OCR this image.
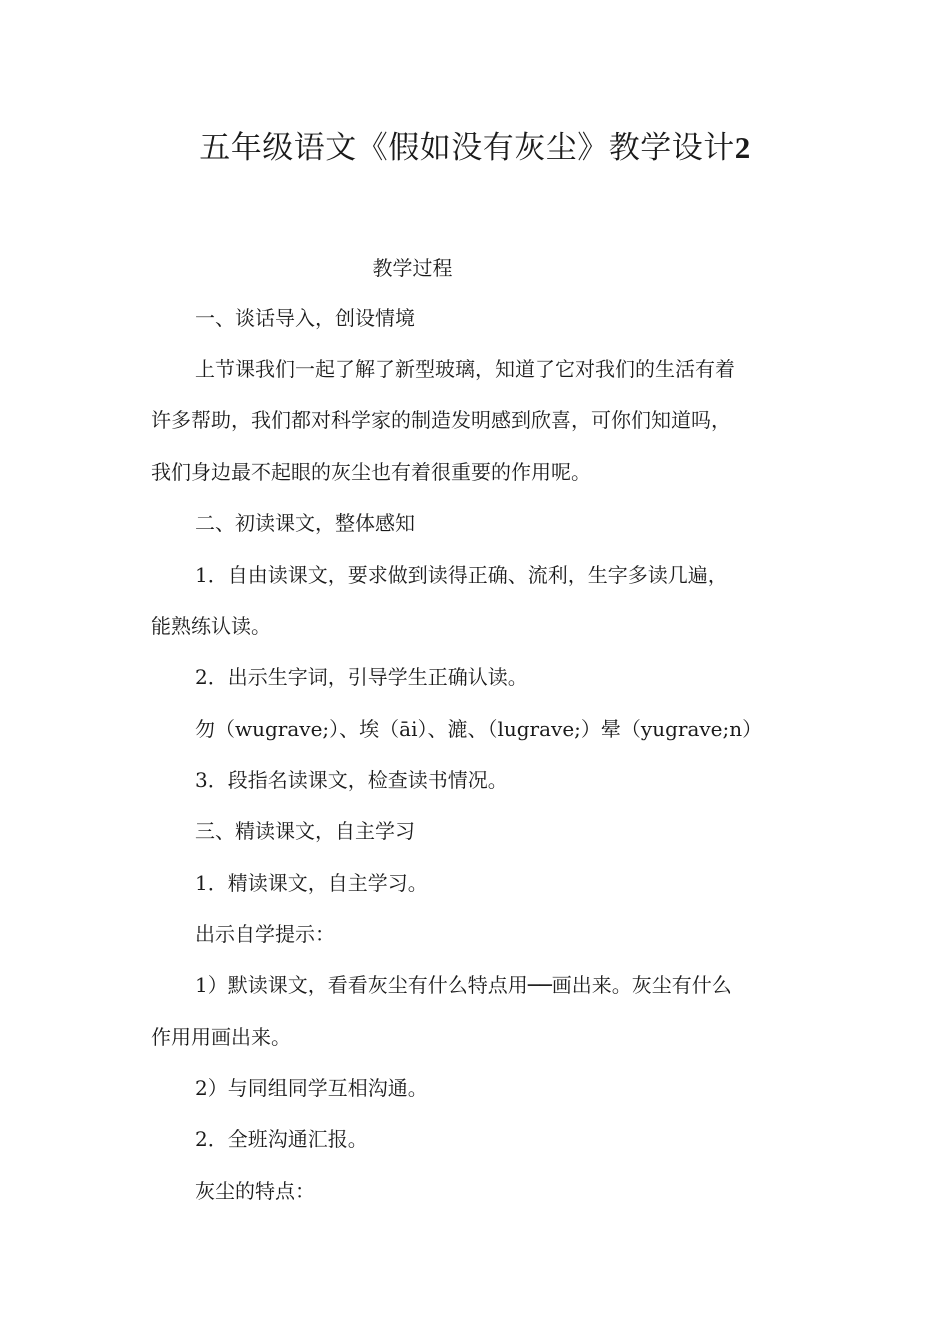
五年级语文《假如没有灰尘》教学设计2
教学过程
一、谈话导入，创设情境
上节课我们一起了解了新型玻璃，知道了它对我们的生活有着
许多帮助，我们都对科学家的制造发明感到欣喜，可你们知道吗，
我们身边最不起眼的灰尘也有着很重要的作用呢。
二、初读课文，整体感知
1．自由读课文，要求做到读得正确、流利，生字多读几遍，
能熟练认读。
2．出示生字词，引导学生正确认读。
勿（wugrave;）、埃（āi）、漉、（lugrave;）晕（yugrave;n）
3．段指名读课文，检查读书情况。
三、精读课文，自主学习
1．精读课文，自主学习。
出示自学提示：
1）默读课文，看看灰尘有什么特点用──画出来。灰尘有什么
作用用画出来。
2）与同组同学互相沟通。
2．全班沟通汇报。
灰尘的特点：
